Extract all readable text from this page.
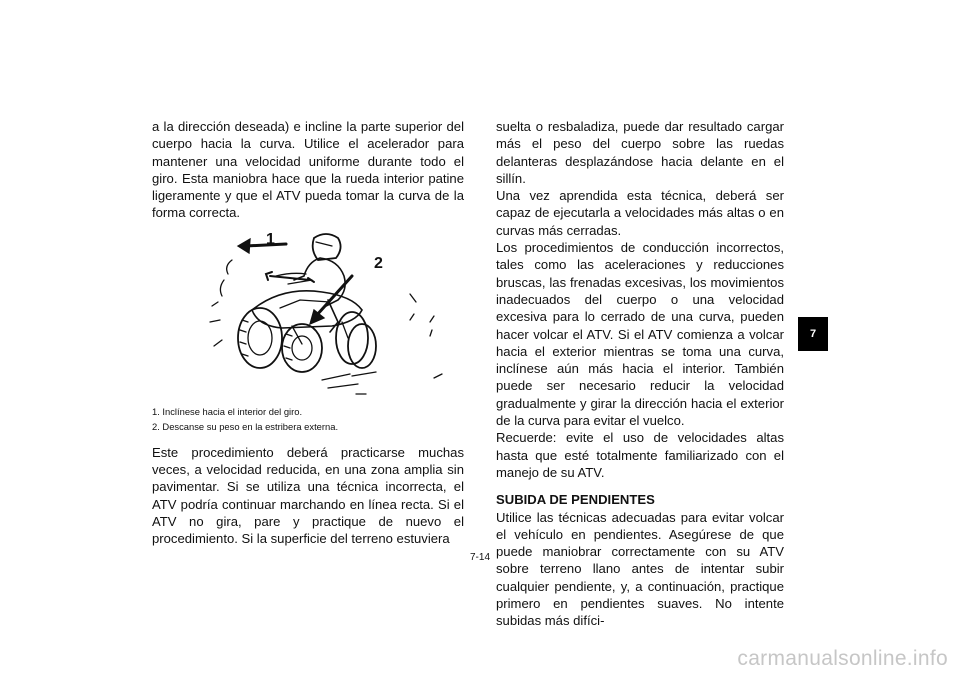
a la dirección deseada) e incline la parte superior del cuerpo hacia la curva. Utilice el acelerador para mantener una velocidad uniforme durante todo el giro. Esta maniobra hace que la rueda interior patine ligeramente y que el ATV pueda tomar la curva de la forma correcta.

1
2
1. Inclínese hacia el interior del giro.
2. Descanse su peso en la estribera externa.

Este procedimiento deberá practicarse muchas veces, a velocidad reducida, en una zona amplia sin pavimentar. Si se utiliza una técnica incorrecta, el ATV podría continuar marchando en línea recta. Si el ATV no gira, pare y practique de nuevo el procedimiento. Si la superficie del terreno estuviera

suelta o resbaladiza, puede dar resultado cargar más el peso del cuerpo sobre las ruedas delanteras desplazándose hacia delante en el sillín.

Una vez aprendida esta técnica, deberá ser capaz de ejecutarla a velocidades más altas o en curvas más cerradas.

Los procedimientos de conducción incorrectos, tales como las aceleraciones y reducciones bruscas, las frenadas excesivas, los movimientos inadecuados del cuerpo o una velocidad excesiva para lo cerrado de una curva, pueden hacer volcar el ATV. Si el ATV comienza a volcar hacia el exterior mientras se toma una curva, inclínese aún más hacia el interior. También puede ser necesario reducir la velocidad gradualmente y girar la dirección hacia el exterior de la curva para evitar el vuelco.

Recuerde: evite el uso de velocidades altas hasta que esté totalmente familiarizado con el manejo de su ATV.

SUBIDA DE PENDIENTES

Utilice las técnicas adecuadas para evitar volcar el vehículo en pendientes. Asegúrese de que puede maniobrar correctamente con su ATV sobre terreno llano antes de intentar subir cualquier pendiente, y, a continuación, practique primero en pendientes suaves. No intente subidas más difíci-

7-14
7
carmanualsonline.info
